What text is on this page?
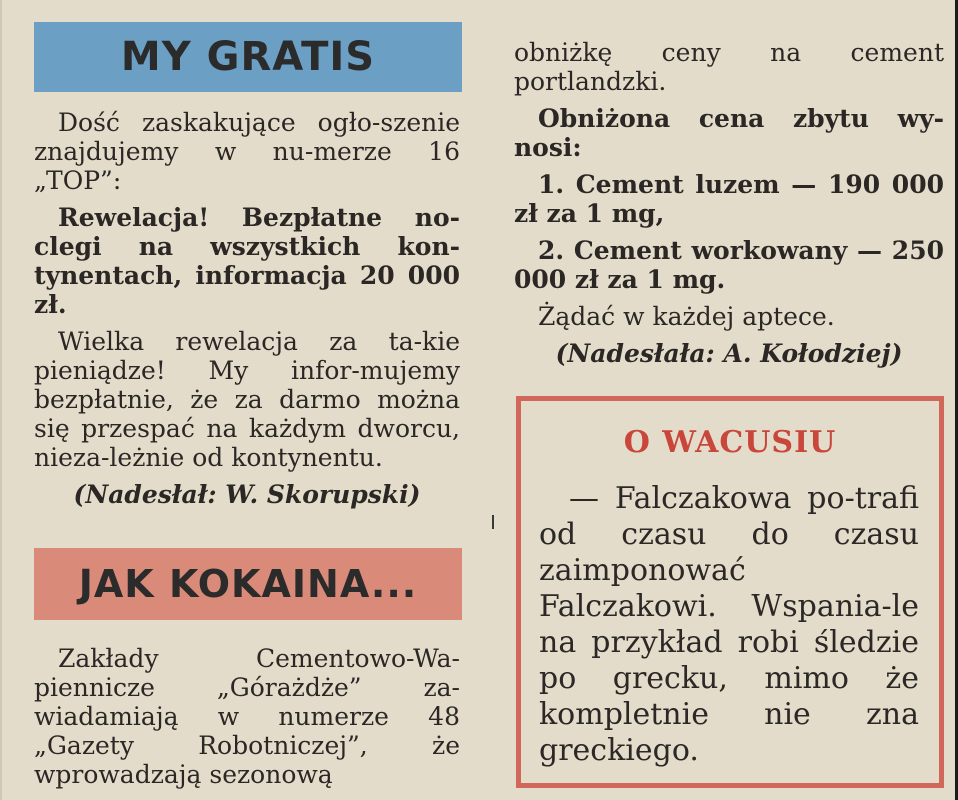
MY GRATIS

Dość zaskakujące ogło-szenie znajdujemy w nu-merze 16 „TOP”:

Rewelacja! Bezpłatne no-clegi na wszystkich kon-tynentach, informacja 20 000 zł.

Wielka rewelacja za ta-kie pieniądze! My infor-mujemy bezpłatnie, że za darmo można się przespać na każdym dworcu, nieza-leżnie od kontynentu.

(Nadesłał: W. Skorupski)

JAK KOKAINA...

Zakłady Cementowo-Wa-piennicze „Górażdże” za-wiadamiają w numerze 48 „Gazety Robotniczej”, że wprowadzają sezonową

obniżkę ceny na cement portlandzki.

Obniżona cena zbytu wy-nosi:

1. Cement luzem — 190 000 zł za 1 mg,

2. Cement workowany — 250 000 zł za 1 mg.

Żądać w każdej aptece.

(Nadesłała: A. Kołodziej)

O WACUSIU

— Falczakowa po-trafi od czasu do czasu zaimponować Falczakowi. Wspania-le na przykład robi śledzie po grecku, mimo że kompletnie nie zna greckiego.
